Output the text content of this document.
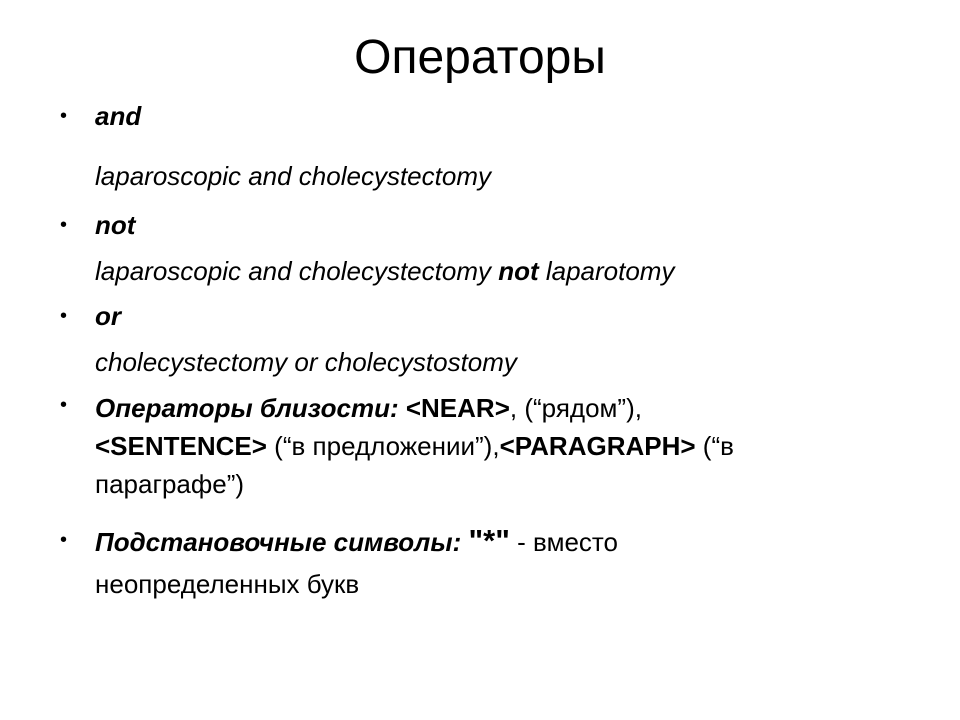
Операторы
• and
laparoscopic and cholecystectomy
• not
laparoscopic and cholecystectomy not laparotomy
• or
cholecystectomy or cholecystostomy
• Операторы близости: <NEAR>, (“рядом”),
<SENTENCE> (“в предложении”),<PARAGRAPH> (“в
параграфе”)
• Подстановочные символы: "*" - вместо
неопределенных букв
